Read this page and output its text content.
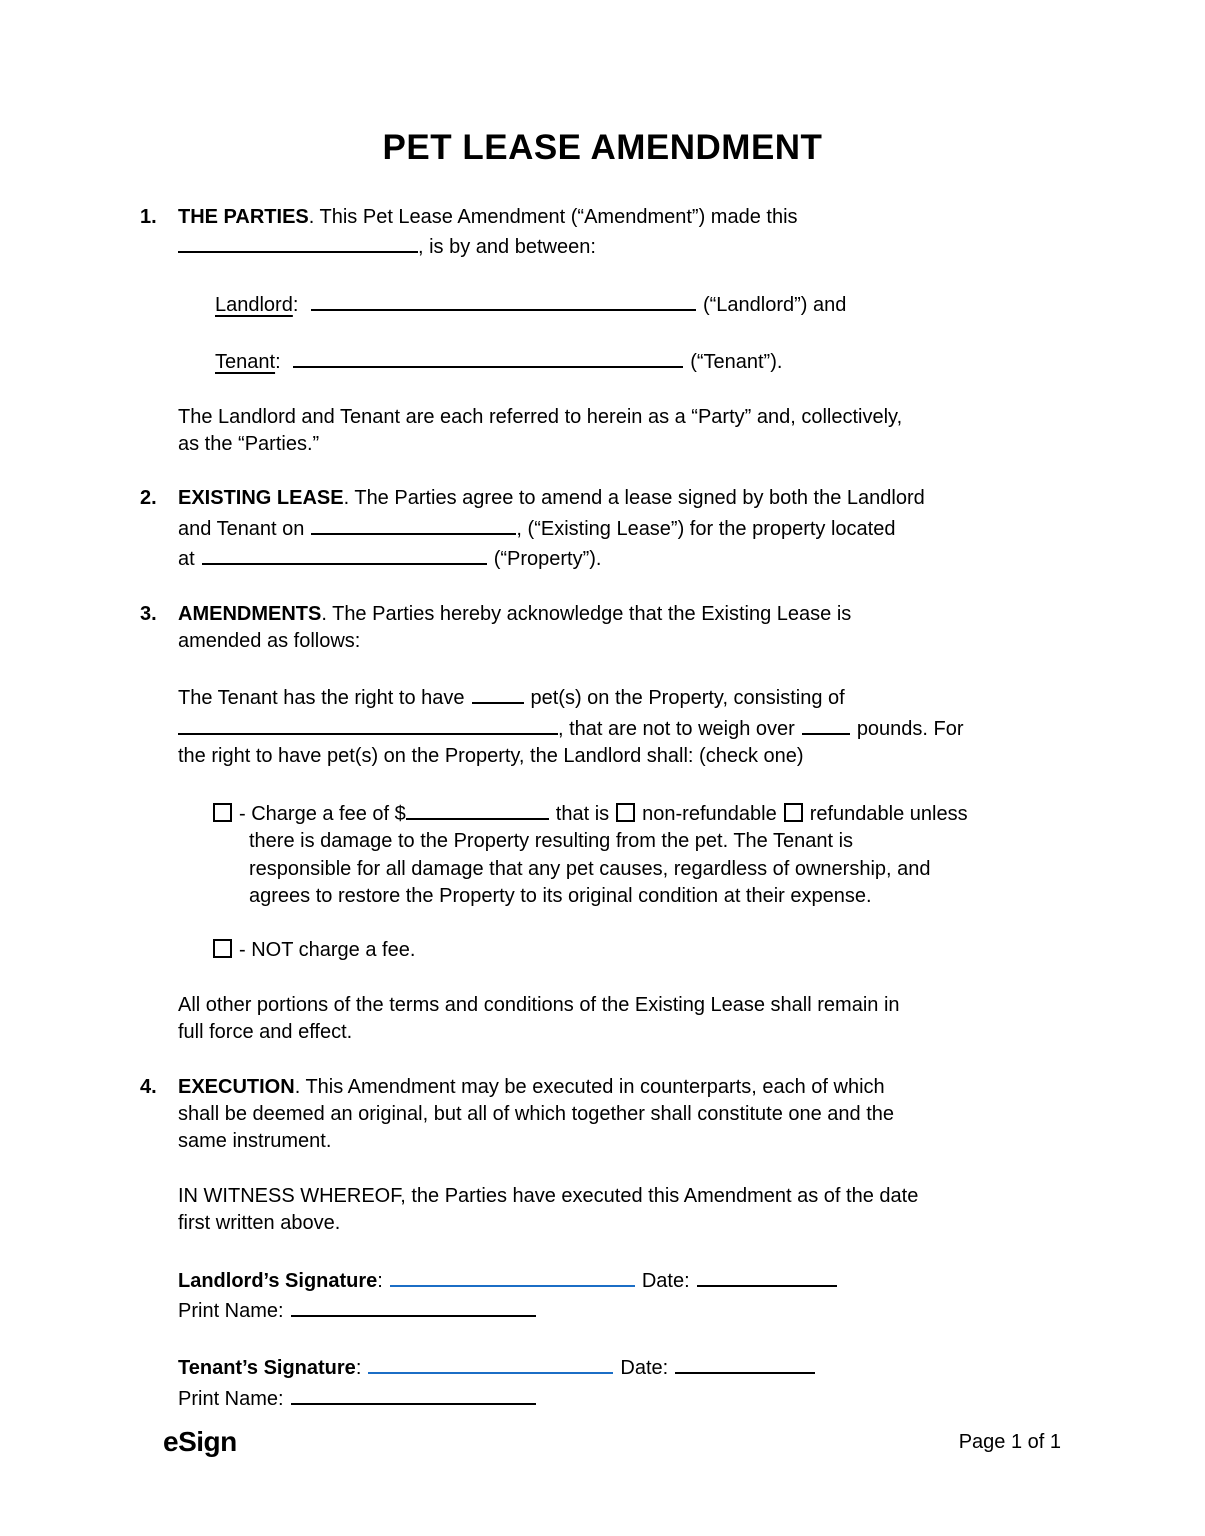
PET LEASE AMENDMENT
1.	THE PARTIES. This Pet Lease Amendment (“Amendment”) made this
, is by and between:
Landlord:	(“Landlord”) and
Tenant:	(“Tenant”).
The Landlord and Tenant are each referred to herein as a “Party” and, collectively,
as the “Parties.”
2.	EXISTING LEASE. The Parties agree to amend a lease signed by both the Landlord
and Tenant on	, (“Existing Lease”) for the property located
at	(“Property”).
3.	AMENDMENTS. The Parties hereby acknowledge that the Existing Lease is
amended as follows:
The Tenant has the right to have	pet(s) on the Property, consisting of
, that are not to weigh over	pounds. For
the right to have pet(s) on the Property, the Landlord shall: (check one)
- Charge a fee of $	that is non-refundable refundable unless
there is damage to the Property resulting from the pet. The Tenant is
responsible for all damage that any pet causes, regardless of ownership, and
agrees to restore the Property to its original condition at their expense.
- NOT charge a fee.
All other portions of the terms and conditions of the Existing Lease shall remain in
full force and effect.
4.	EXECUTION. This Amendment may be executed in counterparts, each of which
shall be deemed an original, but all of which together shall constitute one and the
same instrument.
IN WITNESS WHEREOF, the Parties have executed this Amendment as of the date
first written above.
Landlord’s Signature:	Date:
Print Name:
Tenant’s Signature:	Date:
Print Name:
eSign	Page 1 of 1
